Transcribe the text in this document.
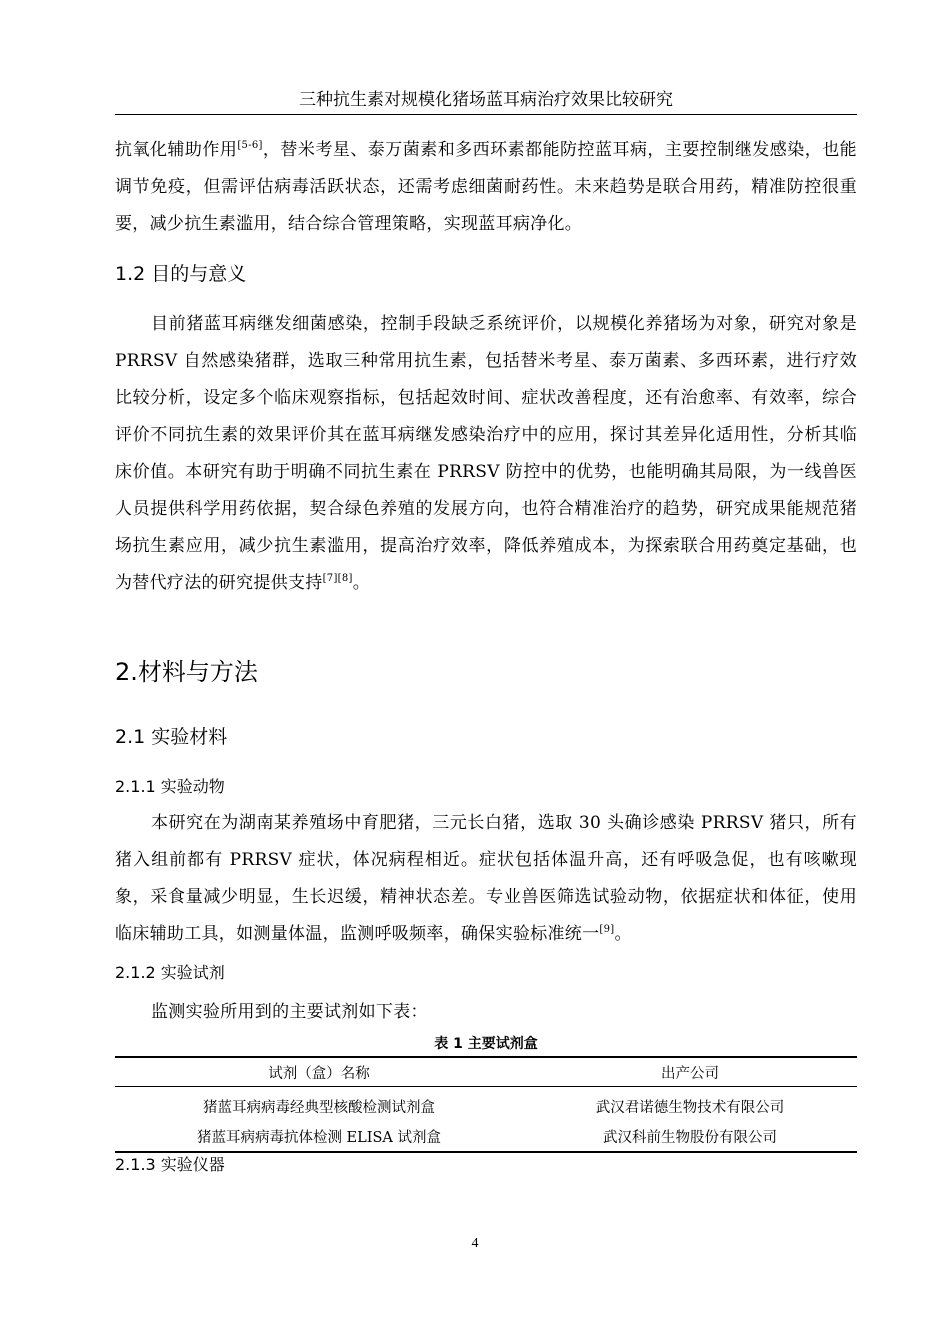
三种抗生素对规模化猪场蓝耳病治疗效果比较研究

抗氧化辅助作用[5-6]，替米考星、泰万菌素和多西环素都能防控蓝耳病，主要控制继发感染，也能调节免疫，但需评估病毒活跃状态，还需考虑细菌耐药性。未来趋势是联合用药，精准防控很重要，减少抗生素滥用，结合综合管理策略，实现蓝耳病净化。

1.2 目的与意义

目前猪蓝耳病继发细菌感染，控制手段缺乏系统评价，以规模化养猪场为对象，研究对象是 PRRSV 自然感染猪群，选取三种常用抗生素，包括替米考星、泰万菌素、多西环素，进行疗效比较分析，设定多个临床观察指标，包括起效时间、症状改善程度，还有治愈率、有效率，综合评价不同抗生素的效果评价其在蓝耳病继发感染治疗中的应用，探讨其差异化适用性，分析其临床价值。本研究有助于明确不同抗生素在 PRRSV 防控中的优势，也能明确其局限，为一线兽医人员提供科学用药依据，契合绿色养殖的发展方向，也符合精准治疗的趋势，研究成果能规范猪场抗生素应用，减少抗生素滥用，提高治疗效率，降低养殖成本，为探索联合用药奠定基础，也为替代疗法的研究提供支持[7][8]。

2.材料与方法
2.1 实验材料
2.1.1 实验动物

本研究在为湖南某养殖场中育肥猪，三元长白猪，选取 30 头确诊感染 PRRSV 猪只，所有猪入组前都有 PRRSV 症状，体况病程相近。症状包括体温升高，还有呼吸急促，也有咳嗽现象，采食量减少明显，生长迟缓，精神状态差。专业兽医筛选试验动物，依据症状和体征，使用临床辅助工具，如测量体温，监测呼吸频率，确保实验标准统一[9]。

2.1.2 实验试剂

监测实验所用到的主要试剂如下表：

表 1 主要试剂盒
试剂（盒）名称	出产公司
猪蓝耳病病毒经典型核酸检测试剂盒	武汉君诺德生物技术有限公司
猪蓝耳病病毒抗体检测 ELISA 试剂盒	武汉科前生物股份有限公司
2.1.3 实验仪器
4
